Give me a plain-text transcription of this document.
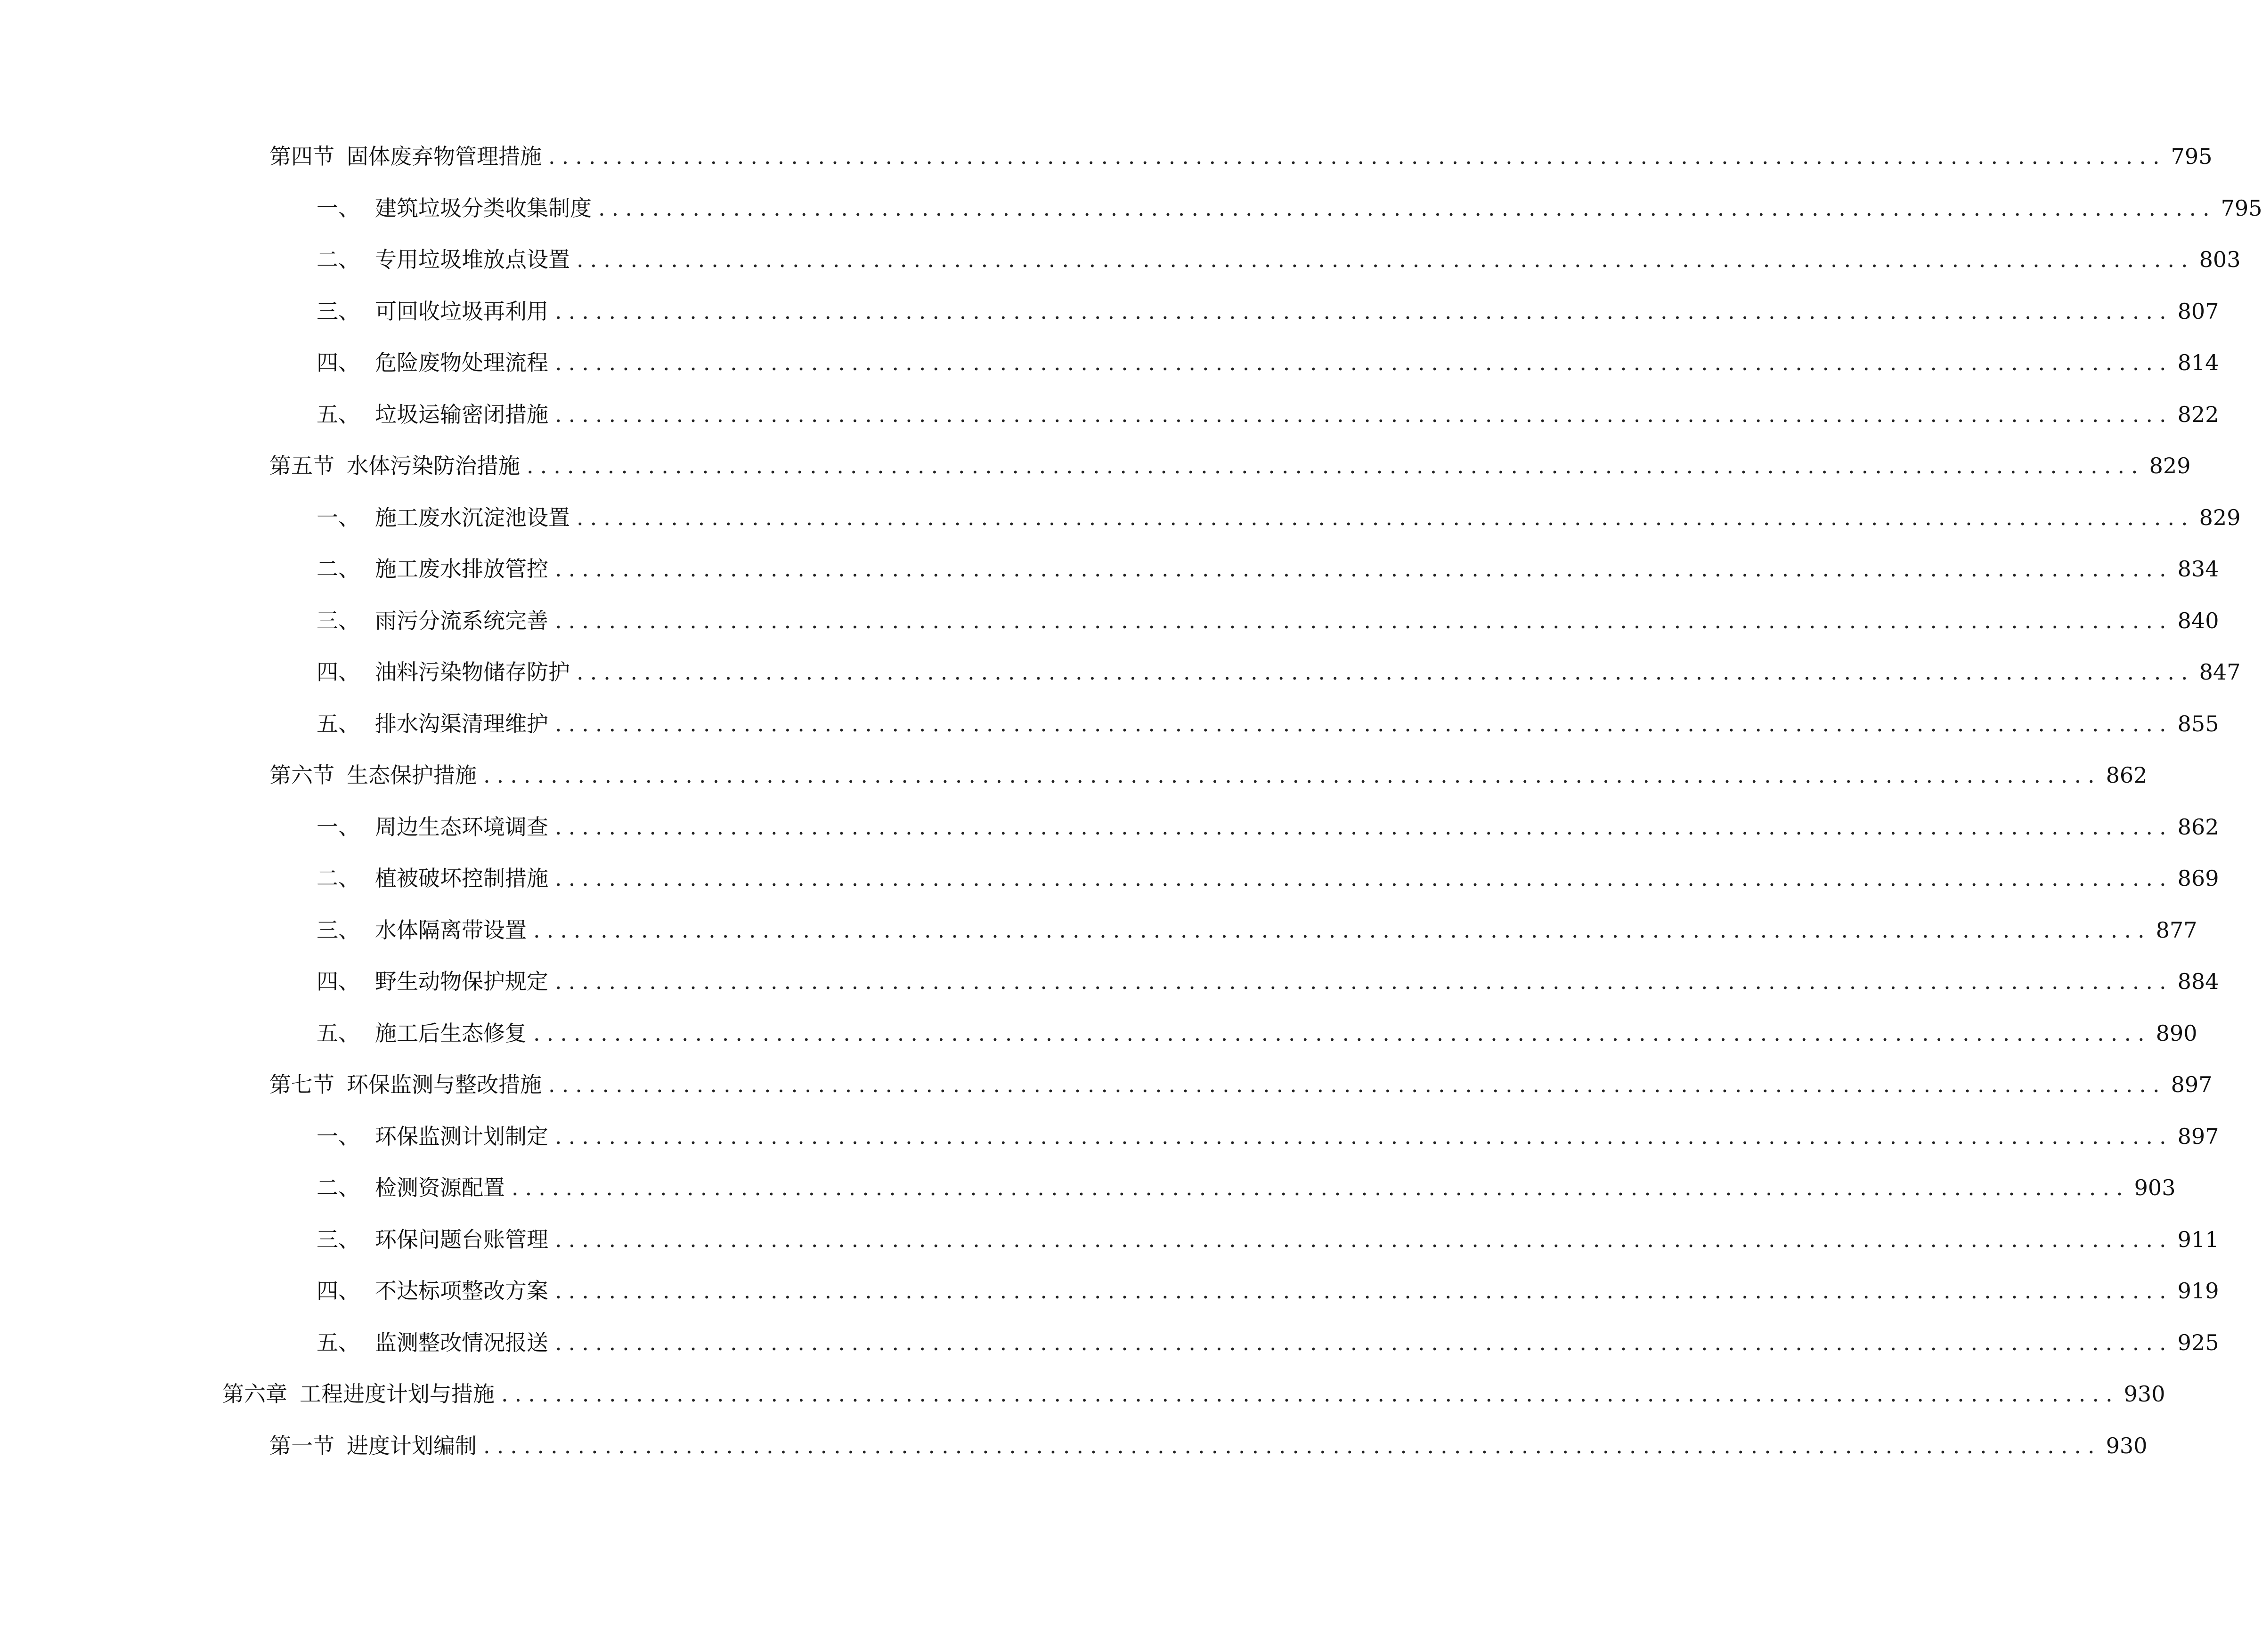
第四节 固体废弃物管理措施 ........................................................................................................................ 795
一、 建筑垃圾分类收集制度 ........................................................................................................................ 795
二、 专用垃圾堆放点设置 ........................................................................................................................ 803
三、 可回收垃圾再利用 ........................................................................................................................ 807
四、 危险废物处理流程 ........................................................................................................................ 814
五、 垃圾运输密闭措施 ........................................................................................................................ 822
第五节 水体污染防治措施 ........................................................................................................................ 829
一、 施工废水沉淀池设置 ........................................................................................................................ 829
二、 施工废水排放管控 ........................................................................................................................ 834
三、 雨污分流系统完善 ........................................................................................................................ 840
四、 油料污染物储存防护 ........................................................................................................................ 847
五、 排水沟渠清理维护 ........................................................................................................................ 855
第六节 生态保护措施 ........................................................................................................................ 862
一、 周边生态环境调查 ........................................................................................................................ 862
二、 植被破坏控制措施 ........................................................................................................................ 869
三、 水体隔离带设置 ........................................................................................................................ 877
四、 野生动物保护规定 ........................................................................................................................ 884
五、 施工后生态修复 ........................................................................................................................ 890
第七节 环保监测与整改措施 ........................................................................................................................ 897
一、 环保监测计划制定 ........................................................................................................................ 897
二、 检测资源配置 ........................................................................................................................ 903
三、 环保问题台账管理 ........................................................................................................................ 911
四、 不达标项整改方案 ........................................................................................................................ 919
五、 监测整改情况报送 ........................................................................................................................ 925
第六章 工程进度计划与措施 ........................................................................................................................ 930
第一节 进度计划编制 ........................................................................................................................ 930
